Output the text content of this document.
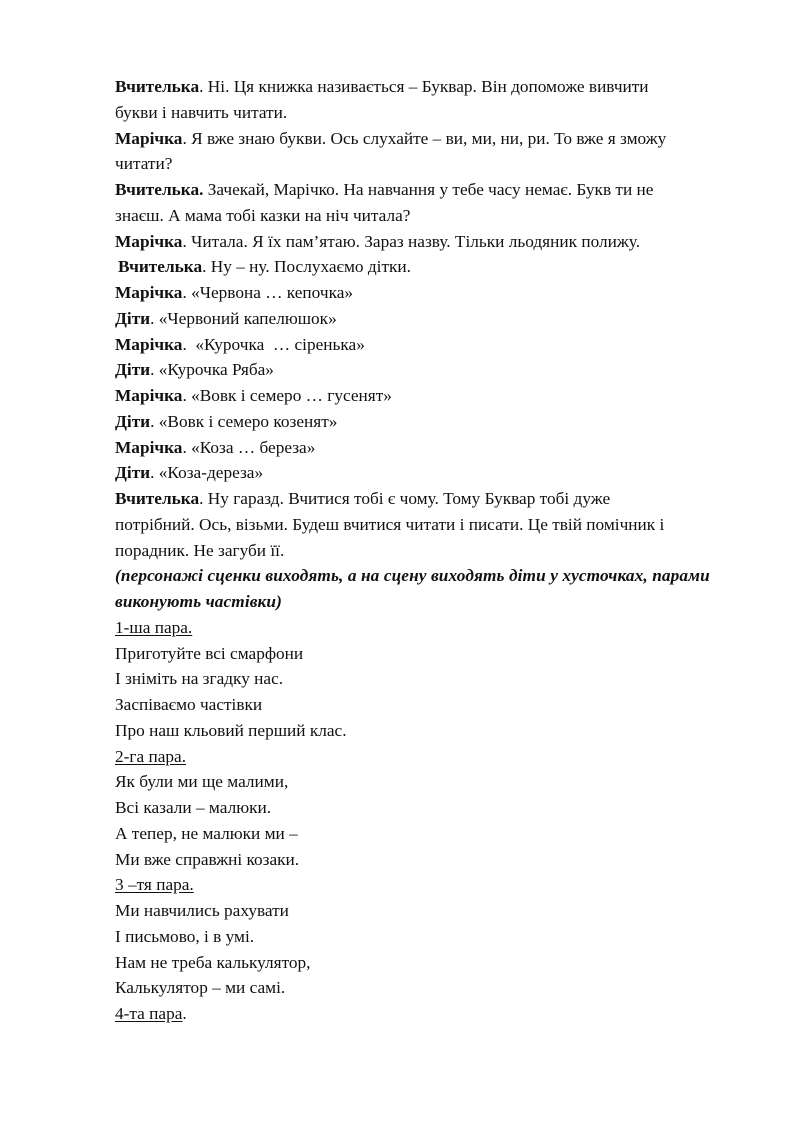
Вчителька. Ні. Ця книжка називається – Буквар. Він допоможе вивчити

букви і навчить читати.

Марічка. Я вже знаю букви. Ось слухайте – ви, ми, ни, ри. То вже я зможу

читати?

Вчителька. Зачекай, Марічко. На навчання у тебе часу немає. Букв ти не

знаєш. А мама тобі казки на ніч читала?

Марічка. Читала. Я їх пам’ятаю. Зараз назву. Тільки льодяник полижу.

Вчителька. Ну – ну. Послухаємо дітки.

Марічка. «Червона … кепочка»

Діти. «Червоний капелюшок»

Марічка.  «Курочка  … сіренька»

Діти. «Курочка Ряба»

Марічка. «Вовк і семеро … гусенят»

Діти. «Вовк і семеро козенят»

Марічка. «Коза … береза»

Діти. «Коза-дереза»

Вчителька. Ну гаразд. Вчитися тобі є чому. Тому Буквар тобі дуже

потрібний. Ось, візьми. Будеш вчитися читати і писати. Це твій помічник і

порадник. Не загуби її.

(персонажі сценки виходять, а на сцену виходять діти у хусточках, парами

виконують частівки)

1-ша пара.

Приготуйте всі смарфони

І зніміть на згадку нас.

Заспіваємо частівки

Про наш кльовий перший клас.

2-га пара.

Як були ми ще малими,

Всі казали – малюки.

А тепер, не малюки ми –

Ми вже справжні козаки.

3 –тя пара.

Ми навчились рахувати

І письмово, і в умі.

Нам не треба калькулятор,

Калькулятор – ми самі.

4-та пара.
